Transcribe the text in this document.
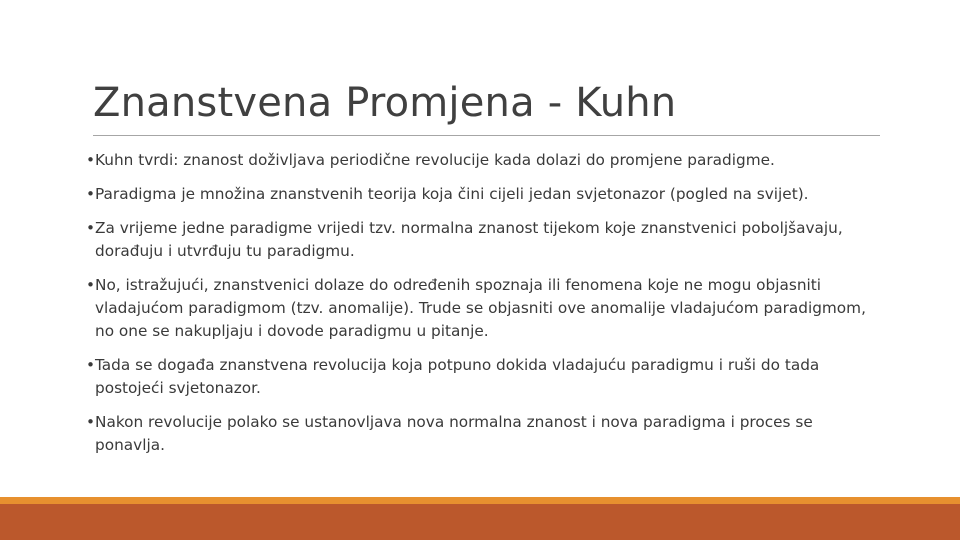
Znanstvena Promjena - Kuhn
• Kuhn tvrdi: znanost doživljava periodične revolucije kada dolazi do promjene paradigme.
• Paradigma je množina znanstvenih teorija koja čini cijeli jedan svjetonazor (pogled na svijet).
• Za vrijeme jedne paradigme vrijedi tzv. normalna znanost tijekom koje znanstvenici poboljšavaju, dorađuju i utvrđuju tu paradigmu.
• No, istražujući, znanstvenici dolaze do određenih spoznaja ili fenomena koje ne mogu objasniti vladajućom paradigmom (tzv. anomalije). Trude se objasniti ove anomalije vladajućom paradigmom, no one se nakupljaju i dovode paradigmu u pitanje.
• Tada se događa znanstvena revolucija koja potpuno dokida vladajuću paradigmu i ruši do tada postojeći svjetonazor.
• Nakon revolucije polako se ustanovljava nova normalna znanost i nova paradigma i proces se ponavlja.
